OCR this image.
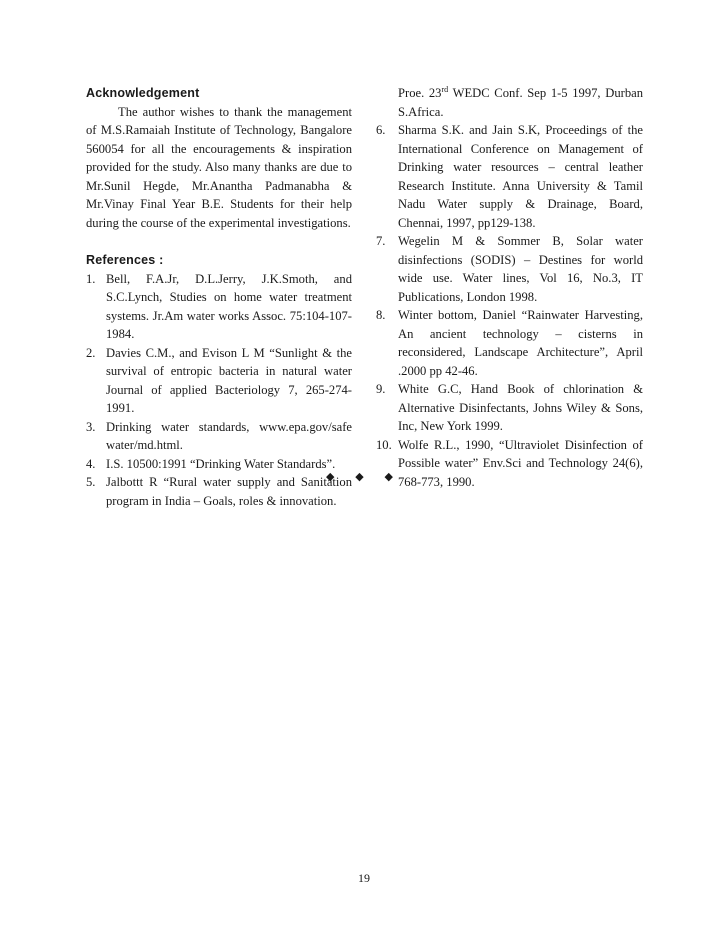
Acknowledgement

The author wishes to thank the management of M.S.Ramaiah Institute of Technology, Bangalore 560054 for all the encouragements & inspiration provided for the study. Also many thanks are due to Mr.Sunil Hegde, Mr.Anantha Padmanabha & Mr.Vinay Final Year B.E. Students for their help during the course of the experimental investigations.

References :
1. Bell, F.A.Jr, D.L.Jerry, J.K.Smoth, and S.C.Lynch, Studies on home water treatment systems. Jr.Am water works Assoc. 75:104-107-1984.
2. Davies C.M., and Evison L M “Sunlight & the survival of entropic bacteria in natural water Journal of applied Bacteriology 7, 265-274-1991.
3. Drinking water standards, www.epa.gov/safe water/md.html.
4. I.S. 10500:1991 “Drinking Water Standards”.
5. Jalbottt R “Rural water supply and Sanitation program in India – Goals, roles & innovation.

Proe. 23rd WEDC Conf. Sep 1-5 1997, Durban S.Africa.

6. Sharma S.K. and Jain S.K, Proceedings of the International Conference on Management of Drinking water resources – central leather Research Institute. Anna University & Tamil Nadu Water supply & Drainage, Board, Chennai, 1997, pp129-138.
7. Wegelin M & Sommer B, Solar water disinfections (SODIS) – Destines for world wide use. Water lines, Vol 16, No.3, IT Publications, London 1998.
8. Winter bottom, Daniel “Rainwater Harvesting, An ancient technology – cisterns in reconsidered, Landscape Architecture”, April .2000 pp 42-46.
9. White G.C, Hand Book of chlorination & Alternative Disinfectants, Johns Wiley & Sons, Inc, New York 1999.
10. Wolfe R.L., 1990, “Ultraviolet Disinfection of Possible water” Env.Sci and Technology 24(6), 768-773, 1990.
◆ ◆ ◆
19
